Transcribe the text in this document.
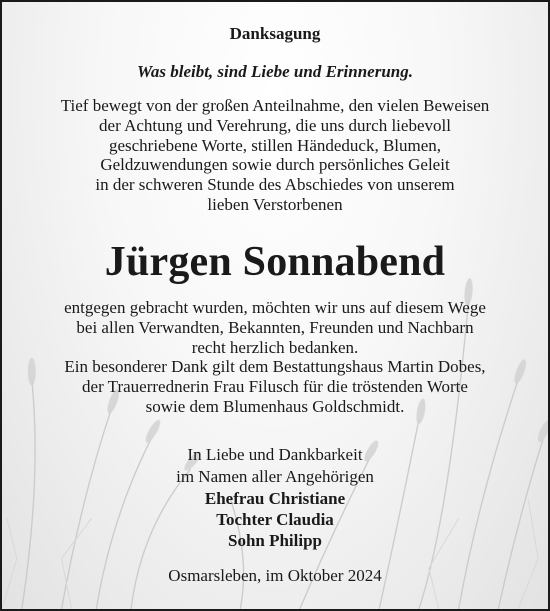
Danksagung
Was bleibt, sind Liebe und Erinnerung.
Tief bewegt von der großen Anteilnahme, den vielen Beweisen
der Achtung und Verehrung, die uns durch liebevoll
geschriebene Worte, stillen Händeduck, Blumen,
Geldzuwendungen sowie durch persönliches Geleit
in der schweren Stunde des Abschiedes von unserem
lieben Verstorbenen
Jürgen Sonnabend
entgegen gebracht wurden, möchten wir uns auf diesem Wege
bei allen Verwandten, Bekannten, Freunden und Nachbarn
recht herzlich bedanken.
Ein besonderer Dank gilt dem Bestattungshaus Martin Dobes,
der Trauerrednerin Frau Filusch für die tröstenden Worte
sowie dem Blumenhaus Goldschmidt.
In Liebe und Dankbarkeit
im Namen aller Angehörigen
Ehefrau Christiane
Tochter Claudia
Sohn Philipp
Osmarsleben, im Oktober 2024
